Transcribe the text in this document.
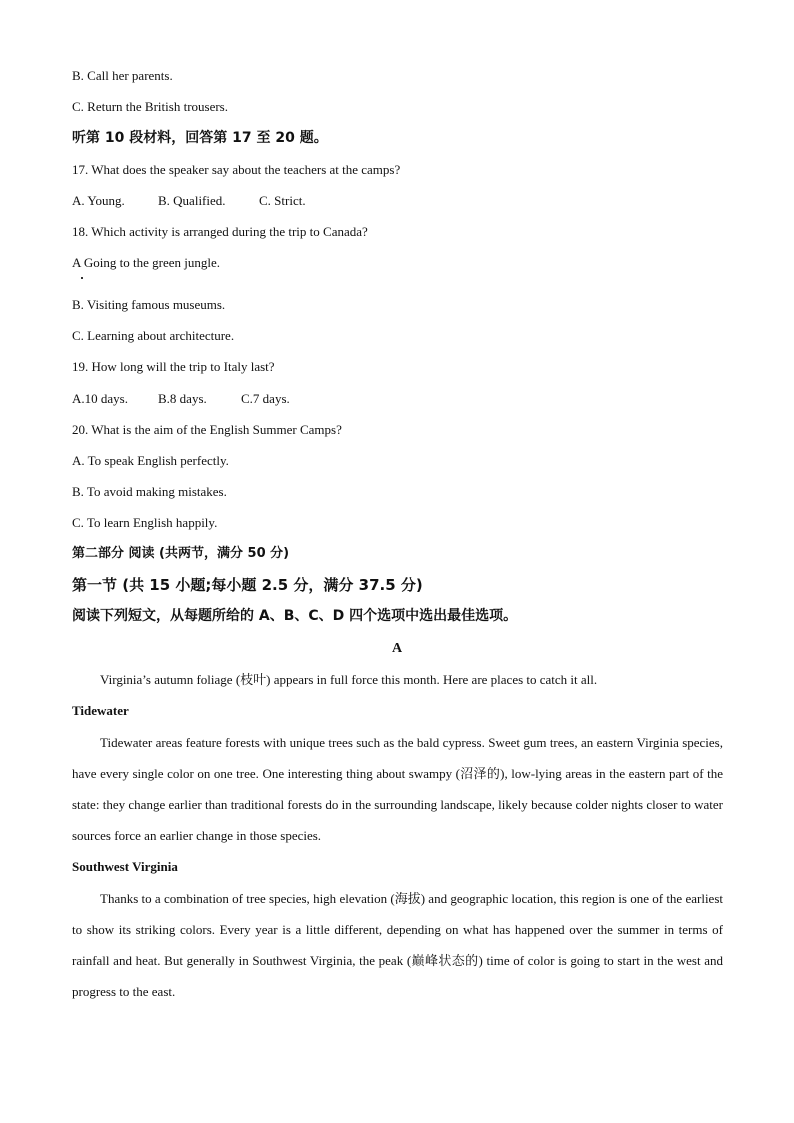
B. Call her parents.
C. Return the British trousers.
听第 10 段材料，回答第 17 至 20 题。
17. What does the speaker say about the teachers at the camps?
A. Young.	B. Qualified.	C. Strict.
18. Which activity is arranged during the trip to Canada?
A Going to the green jungle.
B. Visiting famous museums.
C. Learning about architecture.
19. How long will the trip to Italy last?
A.10 days. B.8 days.	C.7 days.
20. What is the aim of the English Summer Camps?
A. To speak English perfectly.
B. To avoid making mistakes.
C. To learn English happily.
第二部分 阅读 (共两节，满分 50 分)
第一节 (共 15 小题;每小题 2.5 分，满分 37.5 分)
阅读下列短文，从每题所给的 A、B、C、D 四个选项中选出最佳选项。
A
Virginia’s autumn foliage (枝叶) appears in full force this month. Here are places to catch it all.
Tidewater
Tidewater areas feature forests with unique trees such as the bald cypress. Sweet gum trees, an eastern Virginia species, have every single color on one tree. One interesting thing about swampy (沼泽的), low-lying areas in the eastern part of the state: they change earlier than traditional forests do in the surrounding landscape, likely because colder nights closer to water sources force an earlier change in those species.
Southwest Virginia
Thanks to a combination of tree species, high elevation (海拔) and geographic location, this region is one of the earliest to show its striking colors. Every year is a little different, depending on what has happened over the summer in terms of rainfall and heat. But generally in Southwest Virginia, the peak (巅峰状态的) time of color is going to start in the west and progress to the east.
